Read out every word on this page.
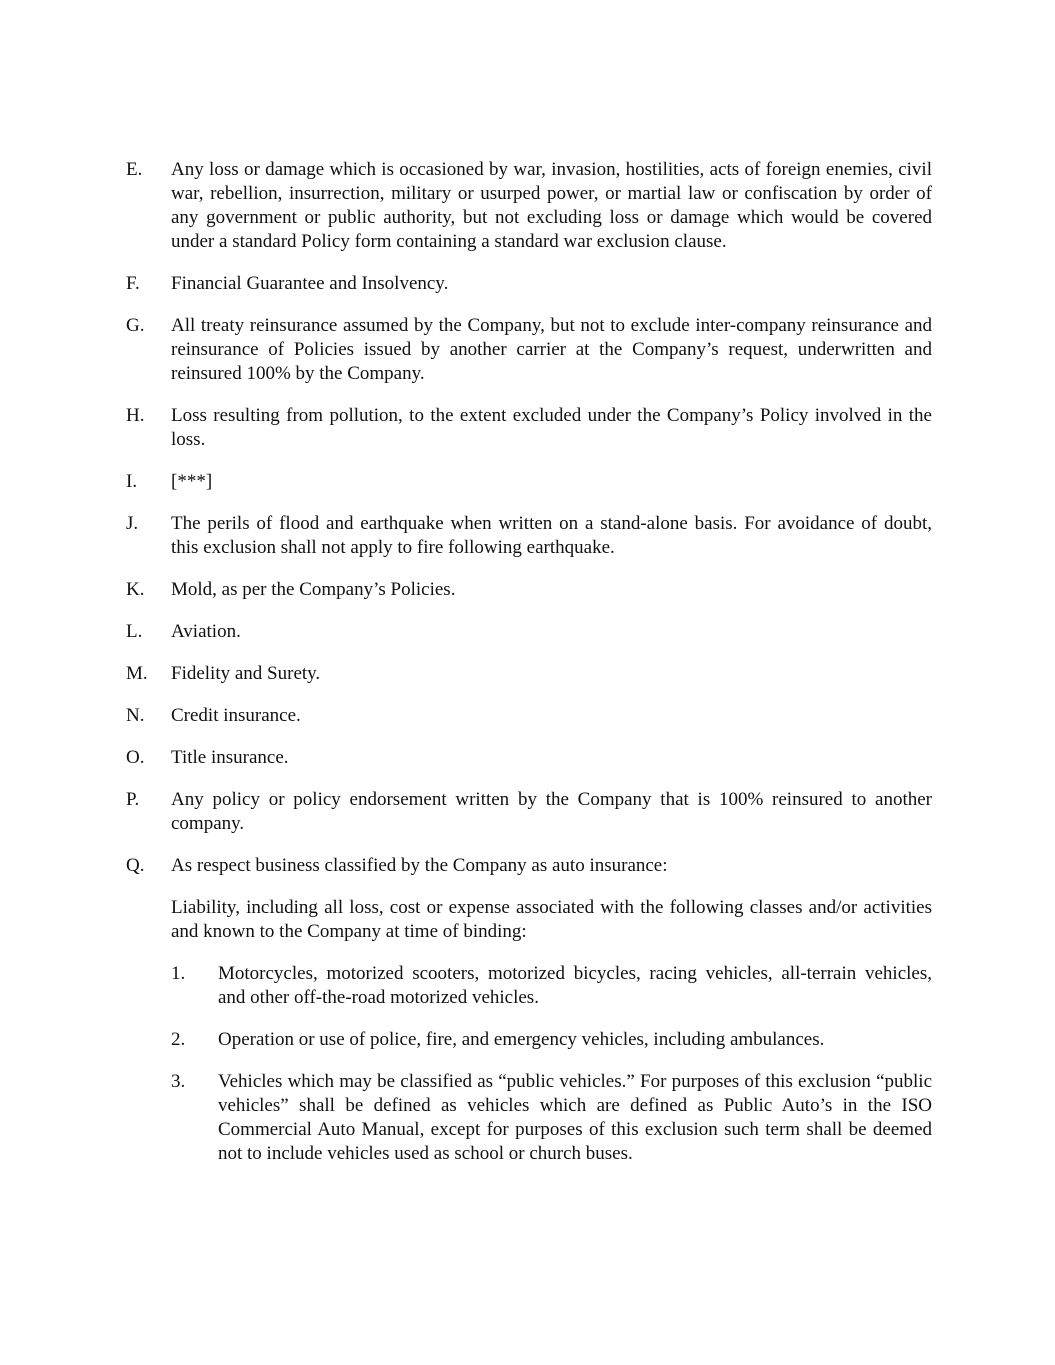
E. Any loss or damage which is occasioned by war, invasion, hostilities, acts of foreign enemies, civil war, rebellion, insurrection, military or usurped power, or martial law or confiscation by order of any government or public authority, but not excluding loss or damage which would be covered under a standard Policy form containing a standard war exclusion clause.
F. Financial Guarantee and Insolvency.
G. All treaty reinsurance assumed by the Company, but not to exclude inter-company reinsurance and reinsurance of Policies issued by another carrier at the Company’s request, underwritten and reinsured 100% by the Company.
H. Loss resulting from pollution, to the extent excluded under the Company’s Policy involved in the loss.
I. [***]
J. The perils of flood and earthquake when written on a stand-alone basis. For avoidance of doubt, this exclusion shall not apply to fire following earthquake.
K. Mold, as per the Company’s Policies.
L. Aviation.
M. Fidelity and Surety.
N. Credit insurance.
O. Title insurance.
P. Any policy or policy endorsement written by the Company that is 100% reinsured to another company.
Q. As respect business classified by the Company as auto insurance:
Liability, including all loss, cost or expense associated with the following classes and/or activities and known to the Company at time of binding:
1. Motorcycles, motorized scooters, motorized bicycles, racing vehicles, all-terrain vehicles, and other off-the-road motorized vehicles.
2. Operation or use of police, fire, and emergency vehicles, including ambulances.
3. Vehicles which may be classified as “public vehicles.” For purposes of this exclusion “public vehicles” shall be defined as vehicles which are defined as Public Auto’s in the ISO Commercial Auto Manual, except for purposes of this exclusion such term shall be deemed not to include vehicles used as school or church buses.
